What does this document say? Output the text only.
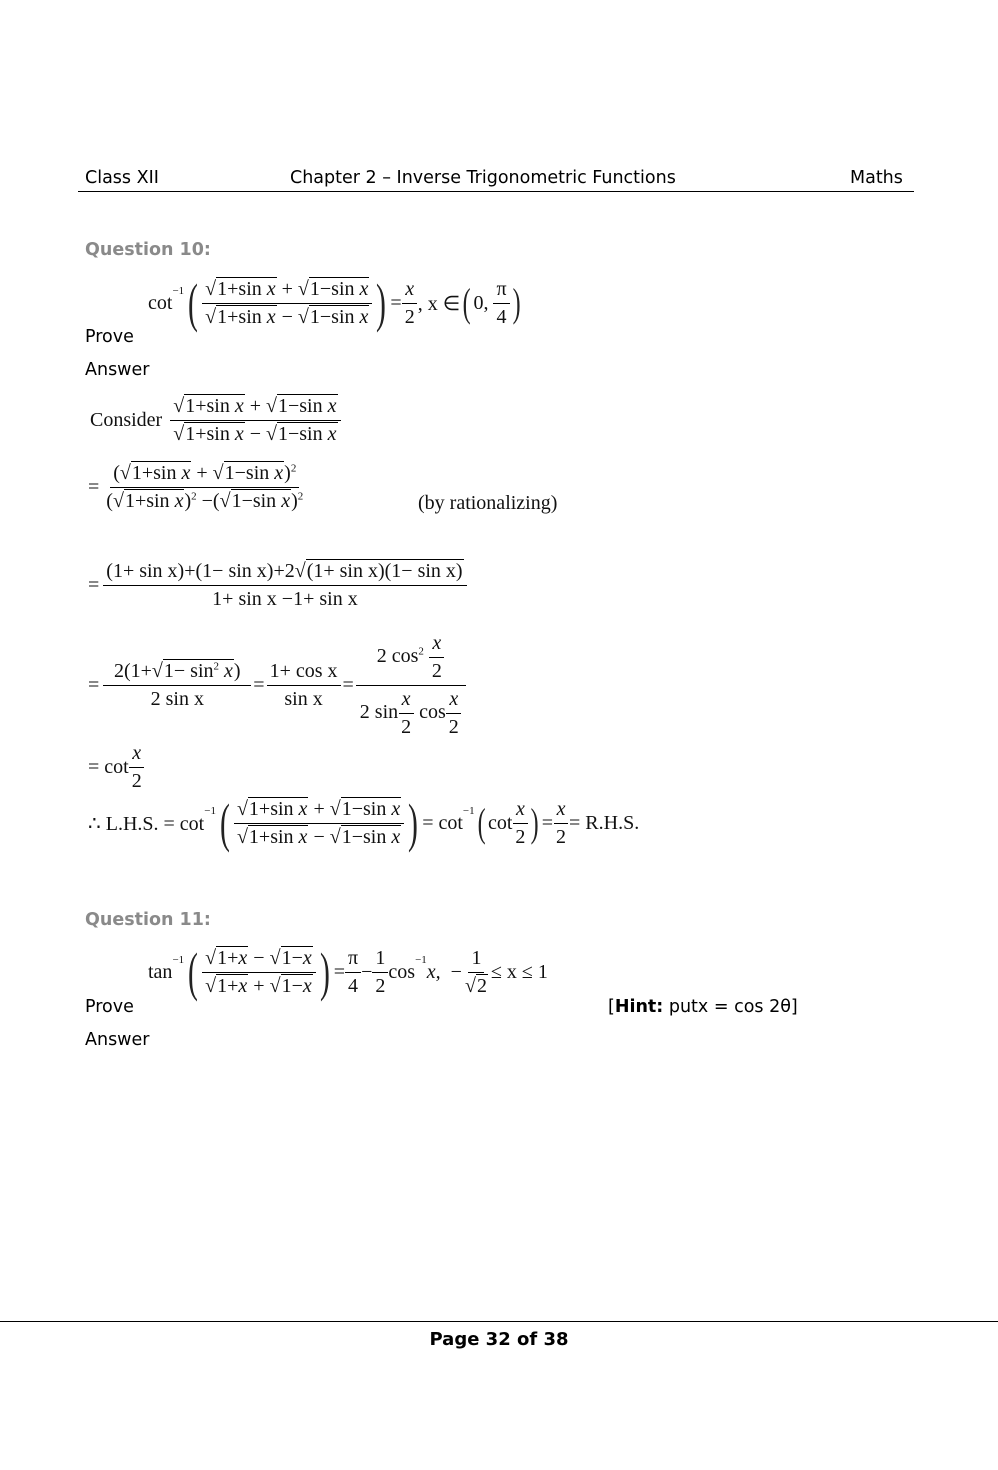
Class XII	Chapter 2 – Inverse Trigonometric Functions	Maths
Question 10:
cot
$^{-1}$ ( $\frac{\text{√1+sin x + √1−sin x}}{\text{√1+sin x − √1−sin x}}$ ) = $\frac{x}{2}$ , x ∈ ( 0,
$\frac{\pi}{4}$ )
Prove
Answer
Consider $\frac{\text{√1+sin x + √1−sin x}}{\text{√1+sin x − √1−sin x}}$
= $\frac{(√1+\sin x + √1-\sin x)^2}{(√1+\sin x)^2 -(√1-\sin x)^2}$	(by rationalizing)
= $\frac{\text{(1+ sin x)+(1− sin x)+2√(1+ sin x)(1− sin x)}}{\text{1+ sin x −1+ sin x}}$
= $\frac{2(1+√1- \sin^2 x)}{\text{2 sin x}} = \frac{\text{1+ cos x}}{\text{sin x}} = \frac{2 \cos^2 \frac{x}{2}}{2 \sin \frac{x}{2} \cos \frac{x}{2}}$
= $\cot \frac{x}{2}$
∴ L.H.S. = cot
$^{-1}$ ( $\frac{\text{√1+sin x + √1−sin x}}{\text{√1+sin x − √1−sin x}}$ ) = cot
$^{-1}$ ( $\cot \frac{x}{2}$ ) = $\frac{x}{2} = R.H.S$.
Question 11:
tan
$^{-1}$ ( $\frac{√1+x - √1-x}{√1+x + √1-x}$ ) = $\frac{\pi}{4} - \frac{1}{2}$ cos
$^{-1}$
x, − $\frac{1}{√2} \le x \le 1$
Prove	[Hint: putx = cos 2θ]
Answer
Page 32 of 38
